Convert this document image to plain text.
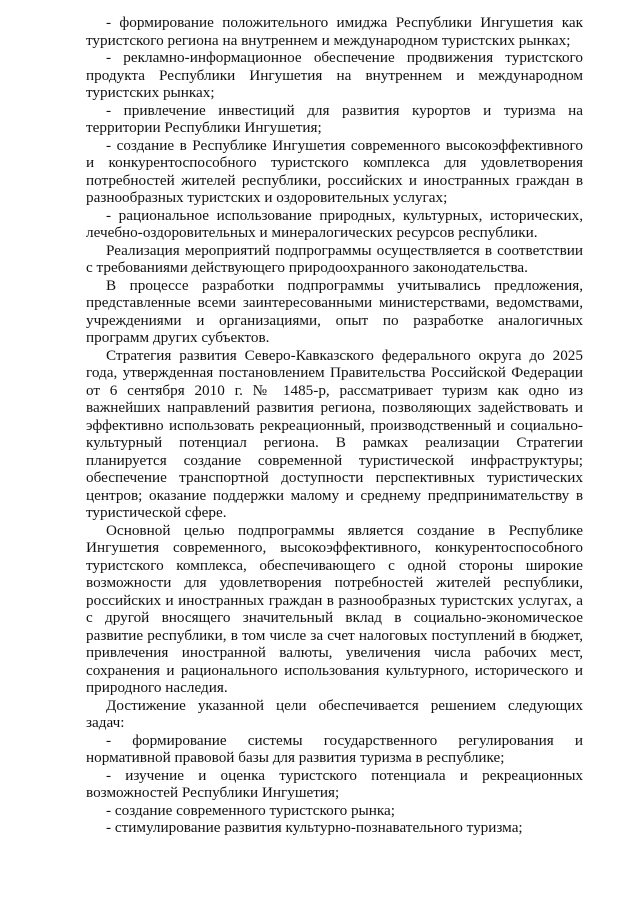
- формирование положительного имиджа Республики Ингушетия как туристского региона на внутреннем и международном туристских рынках;

- рекламно-информационное обеспечение продвижения туристского продукта Республики Ингушетия на внутреннем и международном туристских рынках;

- привлечение инвестиций для развития курортов и туризма на территории Республики Ингушетия;

- создание в Республике Ингушетия современного высокоэффективного и конкурентоспособного туристского комплекса для удовлетворения потребностей жителей республики, российских и иностранных граждан в разнообразных туристских и оздоровительных услугах;

- рациональное использование природных, культурных, исторических, лечебно-оздоровительных и минералогических ресурсов республики.

Реализация мероприятий подпрограммы осуществляется в соответствии с требованиями действующего природоохранного законодательства.

В процессе разработки подпрограммы учитывались предложения, представленные всеми заинтересованными министерствами, ведомствами, учреждениями и организациями, опыт по разработке аналогичных программ других субъектов.

Стратегия развития Северо-Кавказского федерального округа до 2025 года, утвержденная постановлением Правительства Российской Федерации от 6 сентября 2010 г. № 1485-р, рассматривает туризм как одно из важнейших направлений развития региона, позволяющих задействовать и эффективно использовать рекреационный, производственный и социально-культурный потенциал региона. В рамках реализации Стратегии планируется создание современной туристической инфраструктуры; обеспечение транспортной доступности перспективных туристических центров; оказание поддержки малому и среднему предпринимательству в туристической сфере.

Основной целью подпрограммы является создание в Республике Ингушетия современного, высокоэффективного, конкурентоспособного туристского комплекса, обеспечивающего с одной стороны широкие возможности для удовлетворения потребностей жителей республики, российских и иностранных граждан в разнообразных туристских услугах, а с другой вносящего значительный вклад в социально-экономическое развитие республики, в том числе за счет налоговых поступлений в бюджет, привлечения иностранной валюты, увеличения числа рабочих мест, сохранения и рационального использования культурного, исторического и природного наследия.

Достижение указанной цели обеспечивается решением следующих задач:

- формирование системы государственного регулирования и нормативной правовой базы для развития туризма в республике;

- изучение и оценка туристского потенциала и рекреационных возможностей Республики Ингушетия;

- создание современного туристского рынка;

- стимулирование развития культурно-познавательного туризма;
